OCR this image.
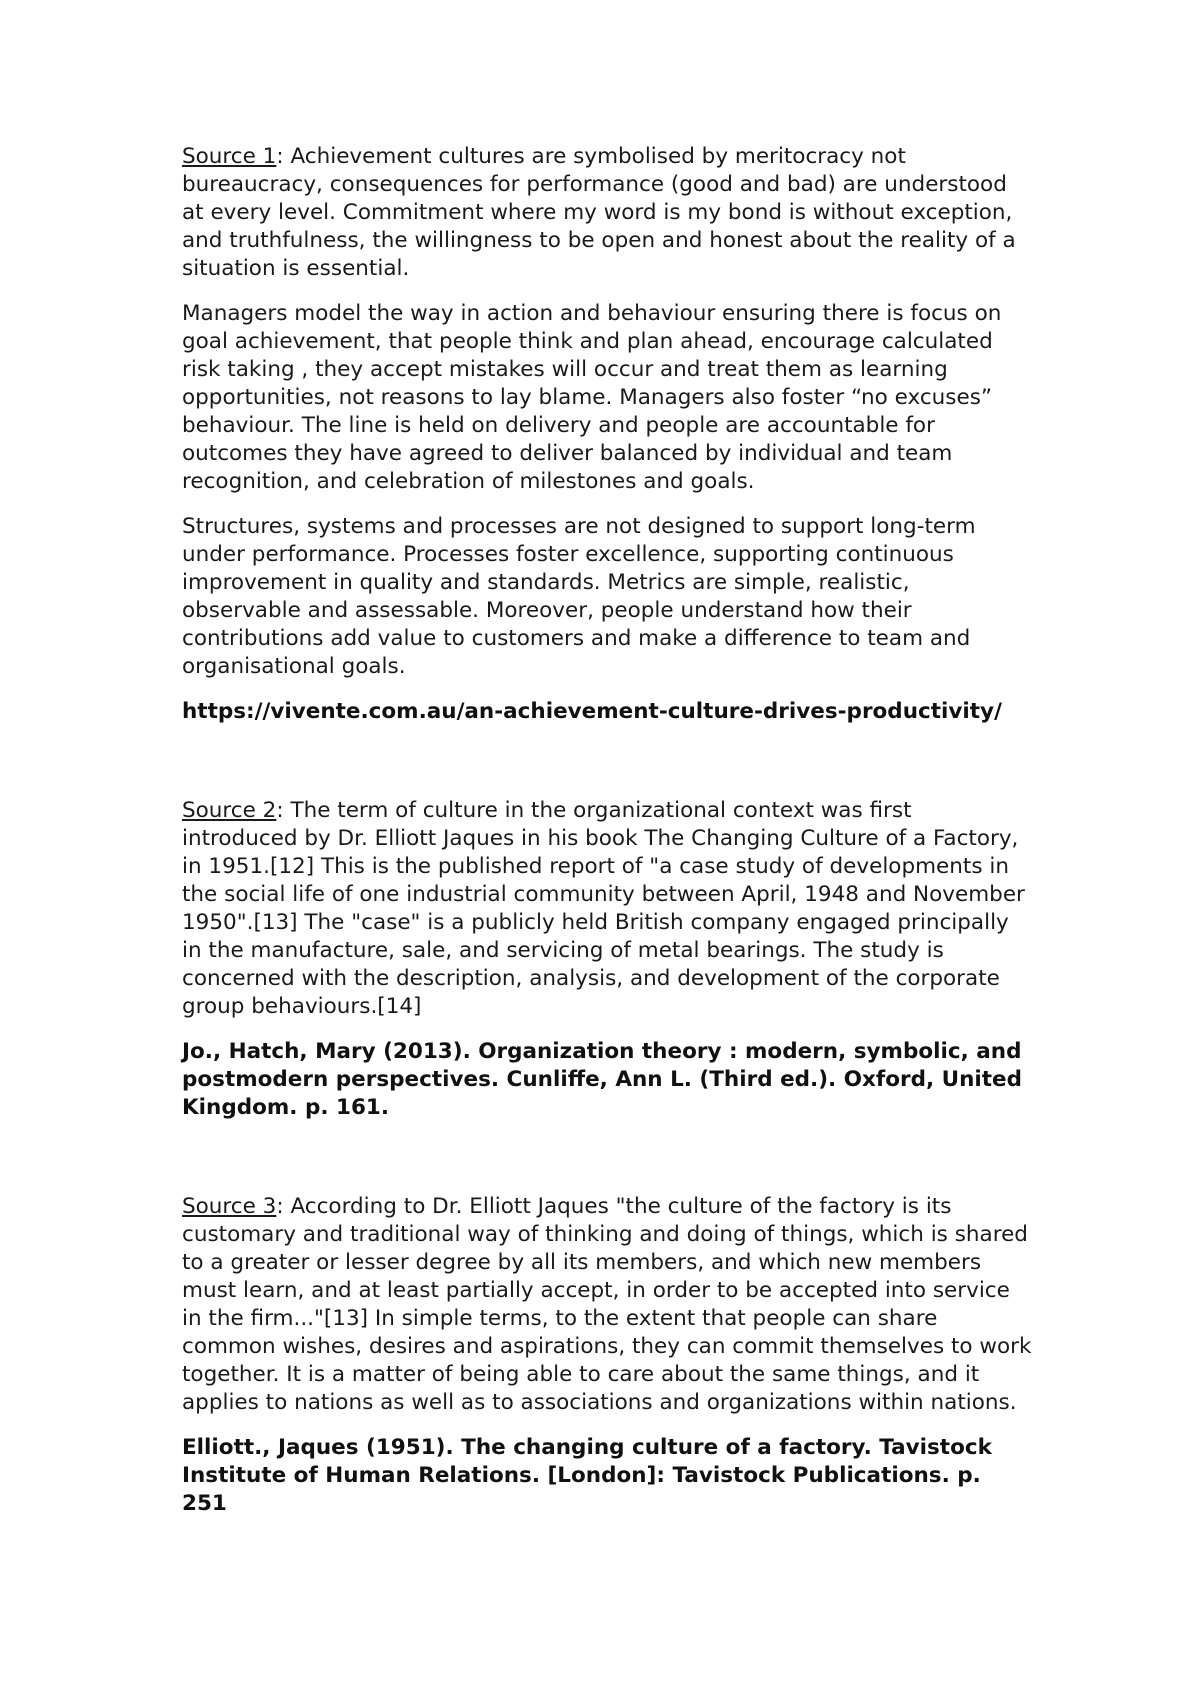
Source 1: Achievement cultures are symbolised by meritocracy not bureaucracy, consequences for performance (good and bad) are understood at every level. Commitment where my word is my bond is without exception, and truthfulness, the willingness to be open and honest about the reality of a situation is essential.

Managers model the way in action and behaviour ensuring there is focus on goal achievement, that people think and plan ahead, encourage calculated risk taking , they accept mistakes will occur and treat them as learning opportunities, not reasons to lay blame. Managers also foster “no excuses” behaviour. The line is held on delivery and people are accountable for outcomes they have agreed to deliver balanced by individual and team recognition, and celebration of milestones and goals.

Structures, systems and processes are not designed to support long-term under performance. Processes foster excellence, supporting continuous improvement in quality and standards. Metrics are simple, realistic, observable and assessable. Moreover, people understand how their contributions add value to customers and make a difference to team and organisational goals.

https://vivente.com.au/an-achievement-culture-drives-productivity/

Source 2: The term of culture in the organizational context was first introduced by Dr. Elliott Jaques in his book The Changing Culture of a Factory, in 1951.[12] This is the published report of "a case study of developments in the social life of one industrial community between April, 1948 and November 1950".[13] The "case" is a publicly held British company engaged principally in the manufacture, sale, and servicing of metal bearings. The study is concerned with the description, analysis, and development of the corporate group behaviours.[14]

Jo., Hatch, Mary (2013). Organization theory : modern, symbolic, and postmodern perspectives. Cunliffe, Ann L. (Third ed.). Oxford, United Kingdom. p. 161.

Source 3: According to Dr. Elliott Jaques "the culture of the factory is its customary and traditional way of thinking and doing of things, which is shared to a greater or lesser degree by all its members, and which new members must learn, and at least partially accept, in order to be accepted into service in the firm..."[13] In simple terms, to the extent that people can share common wishes, desires and aspirations, they can commit themselves to work together. It is a matter of being able to care about the same things, and it applies to nations as well as to associations and organizations within nations.

Elliott., Jaques (1951). The changing culture of a factory. Tavistock Institute of Human Relations. [London]: Tavistock Publications. p. 251
